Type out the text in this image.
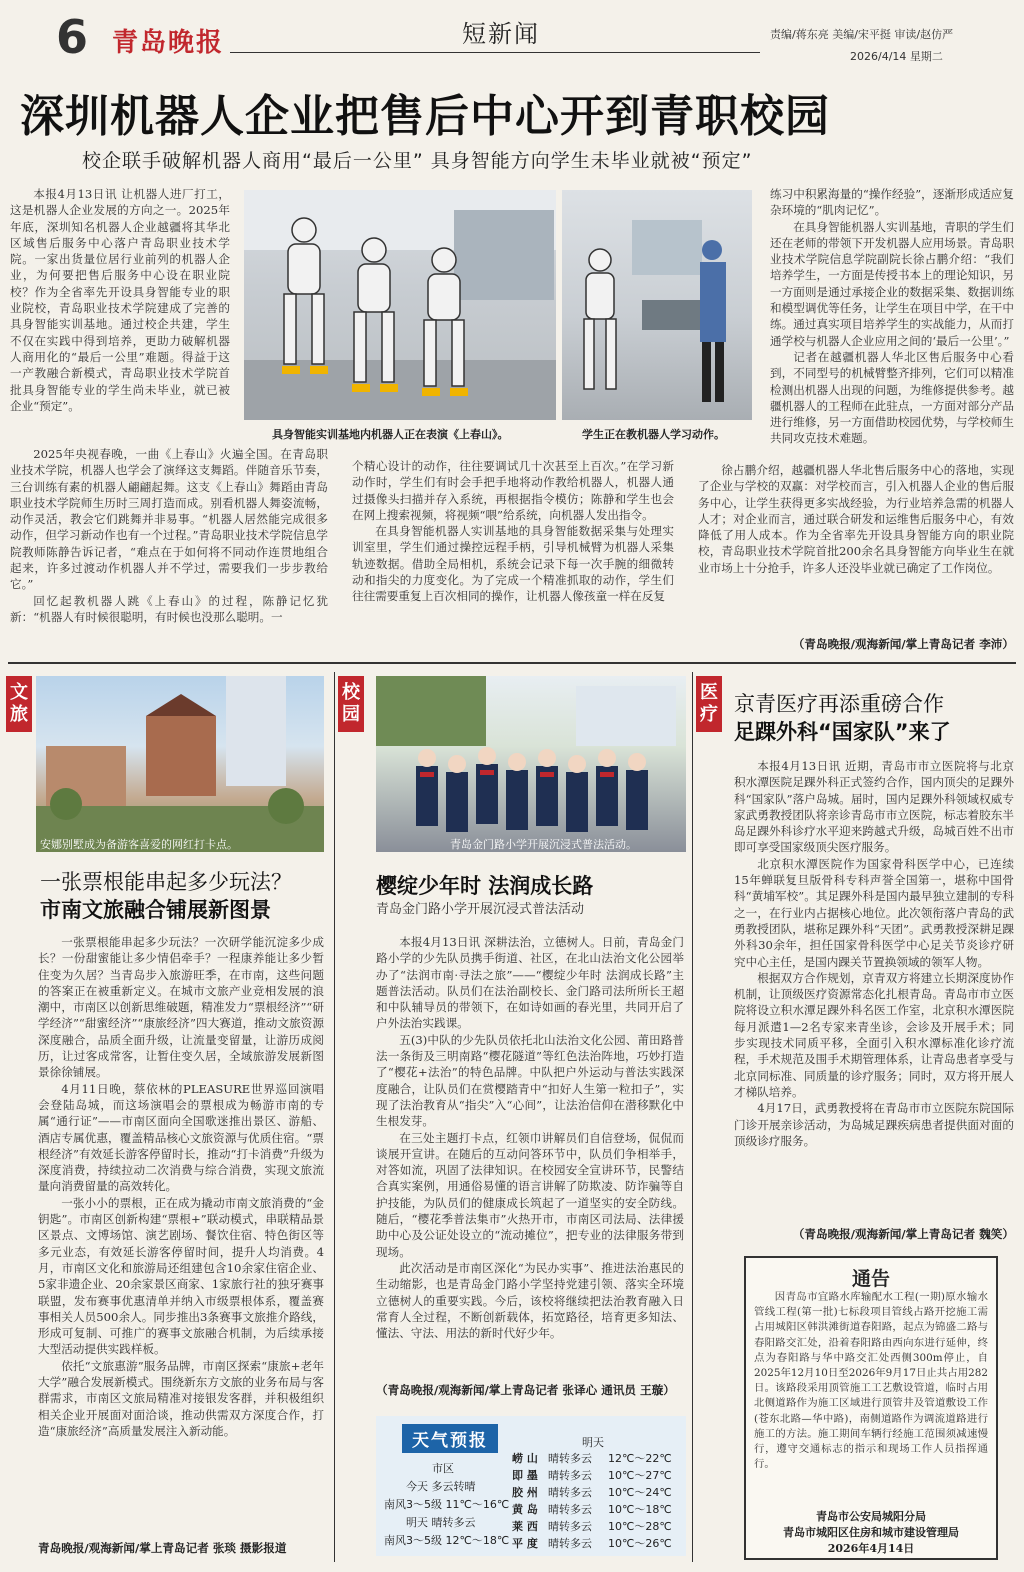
6 青岛晚报	短新闻	责编/蒋东亮 美编/宋平挺 审读/赵仿严
2026/4/14 星期二
深圳机器人企业把售后中心开到青职校园
校企联手破解机器人商用“最后一公里” 具身智能方向学生未毕业就被“预定”

本报4月13日讯 让机器人进厂打工，这是机器人企业发展的方向之一。2025年年底，深圳知名机器人企业越疆将其华北区域售后服务中心落户青岛职业技术学院。一家出货量位居行业前列的机器人企业，为何要把售后服务中心设在职业院校？作为全省率先开设具身智能专业的职业院校，青岛职业技术学院建成了完善的具身智能实训基地。通过校企共建，学生不仅在实践中得到培养，更助力破解机器人商用化的“最后一公里”难题。得益于这一产教融合新模式，青岛职业技术学院首批具身智能专业的学生尚未毕业，就已被企业“预定”。

具身智能实训基地内机器人正在表演《上春山》。	学生正在教机器人学习动作。

2025年央视春晚，一曲《上春山》火遍全国。在青岛职业技术学院，机器人也学会了演绎这支舞蹈。伴随音乐节奏，三台训练有素的机器人翩翩起舞。这支《上春山》舞蹈由青岛职业技术学院师生历时三周打造而成。别看机器人舞姿流畅，动作灵活，教会它们跳舞并非易事。“机器人居然能完成很多动作，但学习新动作也有一个过程。”青岛职业技术学院信息学院教师陈静告诉记者，“难点在于如何将不同动作连贯地组合起来，许多过渡动作机器人并不学过，需要我们一步步教给它。”

回忆起教机器人跳《上春山》的过程，陈静记忆犹新：“机器人有时候很聪明，有时候也没那么聪明。一

个精心设计的动作，往往要调试几十次甚至上百次。”在学习新动作时，学生们有时会手把手地将动作教给机器人，机器人通过摄像头扫描并存入系统，再根据指令模仿；陈静和学生也会在网上搜索视频，将视频“喂”给系统，向机器人发出指令。

在具身智能机器人实训基地的具身智能数据采集与处理实训室里，学生们通过操控远程手柄，引导机械臂为机器人采集轨迹数据。借助全局相机，系统会记录下每一次手腕的细微转动和指尖的力度变化。为了完成一个精准抓取的动作，学生们往往需要重复上百次相同的操作，让机器人像孩童一样在反复

练习中积累海量的“操作经验”，逐渐形成适应复杂环境的“肌肉记忆”。

在具身智能机器人实训基地，青职的学生们还在老师的带领下开发机器人应用场景。青岛职业技术学院信息学院副院长徐占鹏介绍：“我们培养学生，一方面是传授书本上的理论知识，另一方面则是通过承接企业的数据采集、数据训练和模型调优等任务，让学生在项目中学，在干中练。通过真实项目培养学生的实战能力，从而打通学校与机器人企业应用之间的‘最后一公里’。”

记者在越疆机器人华北区售后服务中心看到，不同型号的机械臂整齐排列，它们可以精准检测出机器人出现的问题，为维修提供参考。越疆机器人的工程师在此驻点，一方面对部分产品进行维修，另一方面借助校园优势，与学校师生共同攻克技术难题。

徐占鹏介绍，越疆机器人华北售后服务中心的落地，实现了企业与学校的双赢：对学校而言，引入机器人企业的售后服务中心，让学生获得更多实战经验，为行业培养急需的机器人人才；对企业而言，通过联合研发和运维售后服务中心，有效降低了用人成本。作为全省率先开设具身智能方向的职业院校，青岛职业技术学院首批200余名具身智能方向毕业生在就业市场上十分抢手，许多人还没毕业就已确定了工作岗位。

（青岛晚报/观海新闻/掌上青岛记者 李沛）
文旅
安娜别墅成为备游客喜爱的网红打卡点。
一张票根能串起多少玩法？
市南文旅融合铺展新图景

一张票根能串起多少玩法？一次研学能沉淀多少成长？一份甜蜜能让多少情侣牵手？一程康养能让多少暂住变为久居？当青岛步入旅游旺季，在市南，这些问题的答案正在被重新定义。在城市文旅产业竞相发展的浪潮中，市南区以创新思维破题，精准发力“票根经济”“研学经济”“甜蜜经济”“康旅经济”四大赛道，推动文旅资源深度融合，品质全面升级，让流量变留量，让游历成阅历，让过客成常客，让暂住变久居，全域旅游发展新图景徐徐铺展。

4月11日晚，蔡依林的PLEASURE世界巡回演唱会登陆岛城，而这场演唱会的票根成为畅游市南的专属“通行证”——市南区面向全国歌迷推出景区、游船、酒店专属优惠，覆盖精品核心文旅资源与优质住宿。“票根经济”有效延长游客停留时长，推动“打卡消费”升级为深度消费，持续拉动二次消费与综合消费，实现文旅流量向消费留量的高效转化。

一张小小的票根，正在成为撬动市南文旅消费的“金钥匙”。市南区创新构建“票根+”联动模式，串联精品景区景点、文博场馆、演艺剧场、餐饮住宿、特色街区等多元业态，有效延长游客停留时间，提升人均消费。4月，市南区文化和旅游局还组建包含10余家住宿企业、5家非遗企业、20余家景区商家、1家旅行社的独牙赛事联盟，发布赛事优惠清单并纳入市级票根体系，覆盖赛事相关人员500余人。同步推出3条赛事文旅推介路线，形成可复制、可推广的赛事文旅融合机制，为后续承接大型活动提供实践样板。

依托“文旅惠游”服务品牌，市南区探索“康旅+老年大学”融合发展新模式。围绕新东方文旅的业务布局与客群需求，市南区文旅局精准对接银发客群，并积极组织相关企业开展面对面洽谈，推动供需双方深度合作，打造“康旅经济”高质量发展注入新动能。

青岛晚报/观海新闻/掌上青岛记者 张琰 摄影报道
校园
青岛金门路小学开展沉浸式普法活动。
樱绽少年时 法润成长路
青岛金门路小学开展沉浸式普法活动

本报4月13日讯 深耕法治，立德树人。日前，青岛金门路小学的少先队员携手街道、社区，在北山法治文化公园举办了“法润市南·寻法之旅”——“樱绽少年时 法润成长路”主题普法活动。队员们在法治副校长、金门路司法所所长王超和中队辅导员的带领下，在如诗如画的春光里，共同开启了户外法治实践课。

五(3)中队的少先队员依托北山法治文化公园、莆田路普法一条街及三明南路“樱花隧道”等红色法治阵地，巧妙打造了“樱花+法治”的特色品牌。中队把户外运动与普法实践深度融合，让队员们在赏樱踏青中“扣好人生第一粒扣子”，实现了法治教育从“指尖”入“心间”，让法治信仰在潜移默化中生根发芽。

在三处主题打卡点，红领巾讲解员们自信登场，侃侃而谈展开宣讲。在随后的互动问答环节中，队员们争相举手，对答如流，巩固了法律知识。在校园安全宣讲环节，民警结合真实案例，用通俗易懂的语言讲解了防欺凌、防诈骗等自护技能，为队员们的健康成长筑起了一道坚实的安全防线。随后，“樱花季普法集市”火热开市，市南区司法局、法律援助中心及公证处设立的“流动摊位”，把专业的法律服务带到现场。

此次活动是市南区深化“为民办实事”、推进法治惠民的生动缩影，也是青岛金门路小学坚持党建引领、落实全环境立德树人的重要实践。今后，该校将继续把法治教育融入日常育人全过程，不断创新载体，拓宽路径，培育更多知法、懂法、守法、用法的新时代好少年。

（青岛晚报/观海新闻/掌上青岛记者 张译心 通讯员 王璇）
天气预报
市区
今天 多云转晴
南风3～5级 11℃～16℃
明天 晴转多云
南风3～5级 12℃～18℃
明天
崂 山 晴转多云 12℃～22℃
即 墨 晴转多云 10℃～27℃
胶 州 晴转多云 10℃～24℃
黄 岛 晴转多云 10℃～18℃
莱 西 晴转多云 10℃～28℃
平 度 晴转多云 10℃～26℃
医疗 京青医疗再添重磅合作
足踝外科“国家队”来了

本报4月13日讯 近期，青岛市市立医院将与北京积水潭医院足踝外科正式签约合作，国内顶尖的足踝外科“国家队”落户岛城。届时，国内足踝外科领域权威专家武勇教授团队将亲诊青岛市市立医院，标志着胶东半岛足踝外科诊疗水平迎来跨越式升级，岛城百姓不出市即可享受国家级顶尖医疗服务。

北京积水潭医院作为国家骨科医学中心，已连续15年蝉联复旦版骨科专科声誉全国第一，堪称中国骨科“黄埔军校”。其足踝外科是国内最早独立建制的专科之一，在行业内占据核心地位。此次领衔落户青岛的武勇教授团队，堪称足踝外科“天团”。武勇教授深耕足踝外科30余年，担任国家骨科医学中心足关节炎诊疗研究中心主任，是国内踝关节置换领域的领军人物。

根据双方合作规划，京青双方将建立长期深度协作机制，让顶级医疗资源常态化扎根青岛。青岛市市立医院将设立积水潭足踝外科名医工作室，北京积水潭医院每月派遣1—2名专家来青坐诊，会诊及开展手术；同步实现技术同质平移，全面引入积水潭标准化诊疗流程，手术规范及围手术期管理体系，让青岛患者享受与北京同标准、同质量的诊疗服务；同时，双方将开展人才梯队培养。

4月17日，武勇教授将在青岛市市立医院东院国际门诊开展亲诊活动，为岛城足踝疾病患者提供面对面的顶级诊疗服务。

（青岛晚报/观海新闻/掌上青岛记者 魏笑）
通告
因青岛市宜路水库输配水工程(一期)原水输水管线工程(第一批)七标段项目管线占路开挖施工需占用城阳区韩洪滩街道春阳路，起点为锦盛二路与春阳路交汇处，沿着春阳路由西向东进行延伸，终点为春阳路与华中路交汇处西侧300m停止，自2025年12月10日至2026年9月17日止共占用282日。该路段采用顶管施工工艺敷设管道，临时占用北侧道路作为施工区域进行顶管井及管道敷设工作(苍东北路—华中路)，南侧道路作为调流道路进行施工的方法。施工期间车辆行经施工范围须减速慢行，遵守交通标志的指示和现场工作人员指挥通行。
青岛市公安局城阳分局
青岛市城阳区住房和城市建设管理局
2026年4月14日
